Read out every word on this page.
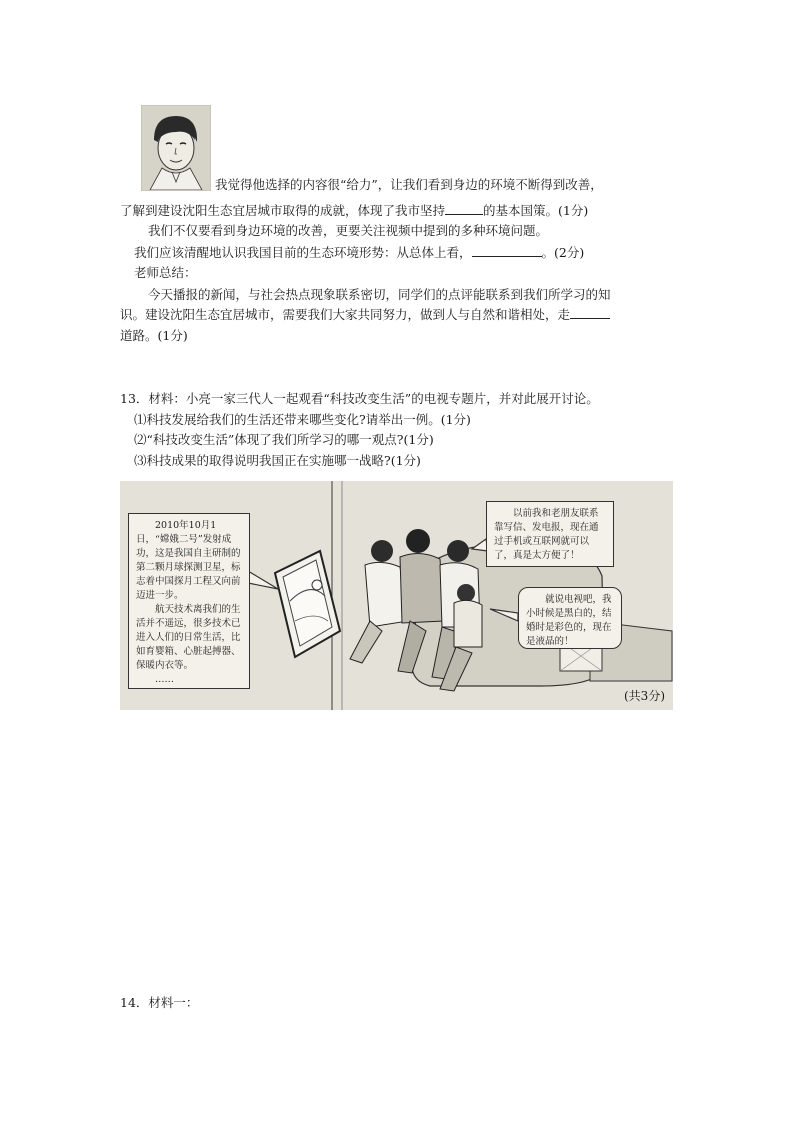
我觉得他选择的内容很“给力”，让我们看到身边的环境不断得到改善，
了解到建设沈阳生态宜居城市取得的成就，体现了我市坚持	的基本国策。(1分)
我们不仅要看到身边环境的改善，更要关注视频中提到的多种环境问题。
我们应该清醒地认识我国目前的生态环境形势：从总体上看，	。(2分)
老师总结：
今天播报的新闻，与社会热点现象联系密切，同学们的点评能联系到我们所学习的知
识。建设沈阳生态宜居城市，需要我们大家共同努力，做到人与自然和谐相处，走
道路。(1分)
13．材料：小亮一家三代人一起观看“科技改变生活”的电视专题片，并对此展开讨论。
⑴科技发展给我们的生活还带来哪些变化?请举出一例。(1分)
⑵“科技改变生活”体现了我们所学习的哪一观点?(1分)
⑶科技成果的取得说明我国正在实施哪一战略?(1分)

2010年10月1日，“嫦娥二号”发射成功，这是我国自主研制的第二颗月球探测卫星，标志着中国探月工程又向前迈进一步。

航天技术离我们的生活并不遥远，很多技术已进入人们的日常生活，比如育婴箱、心脏起搏器、保暖内衣等。

……

以前我和老朋友联系靠写信、发电报，现在通过手机或互联网就可以了，真是太方便了！

就说电视吧，我小时候是黑白的，结婚时是彩色的，现在是液晶的！

(共3分)
14．材料一：
